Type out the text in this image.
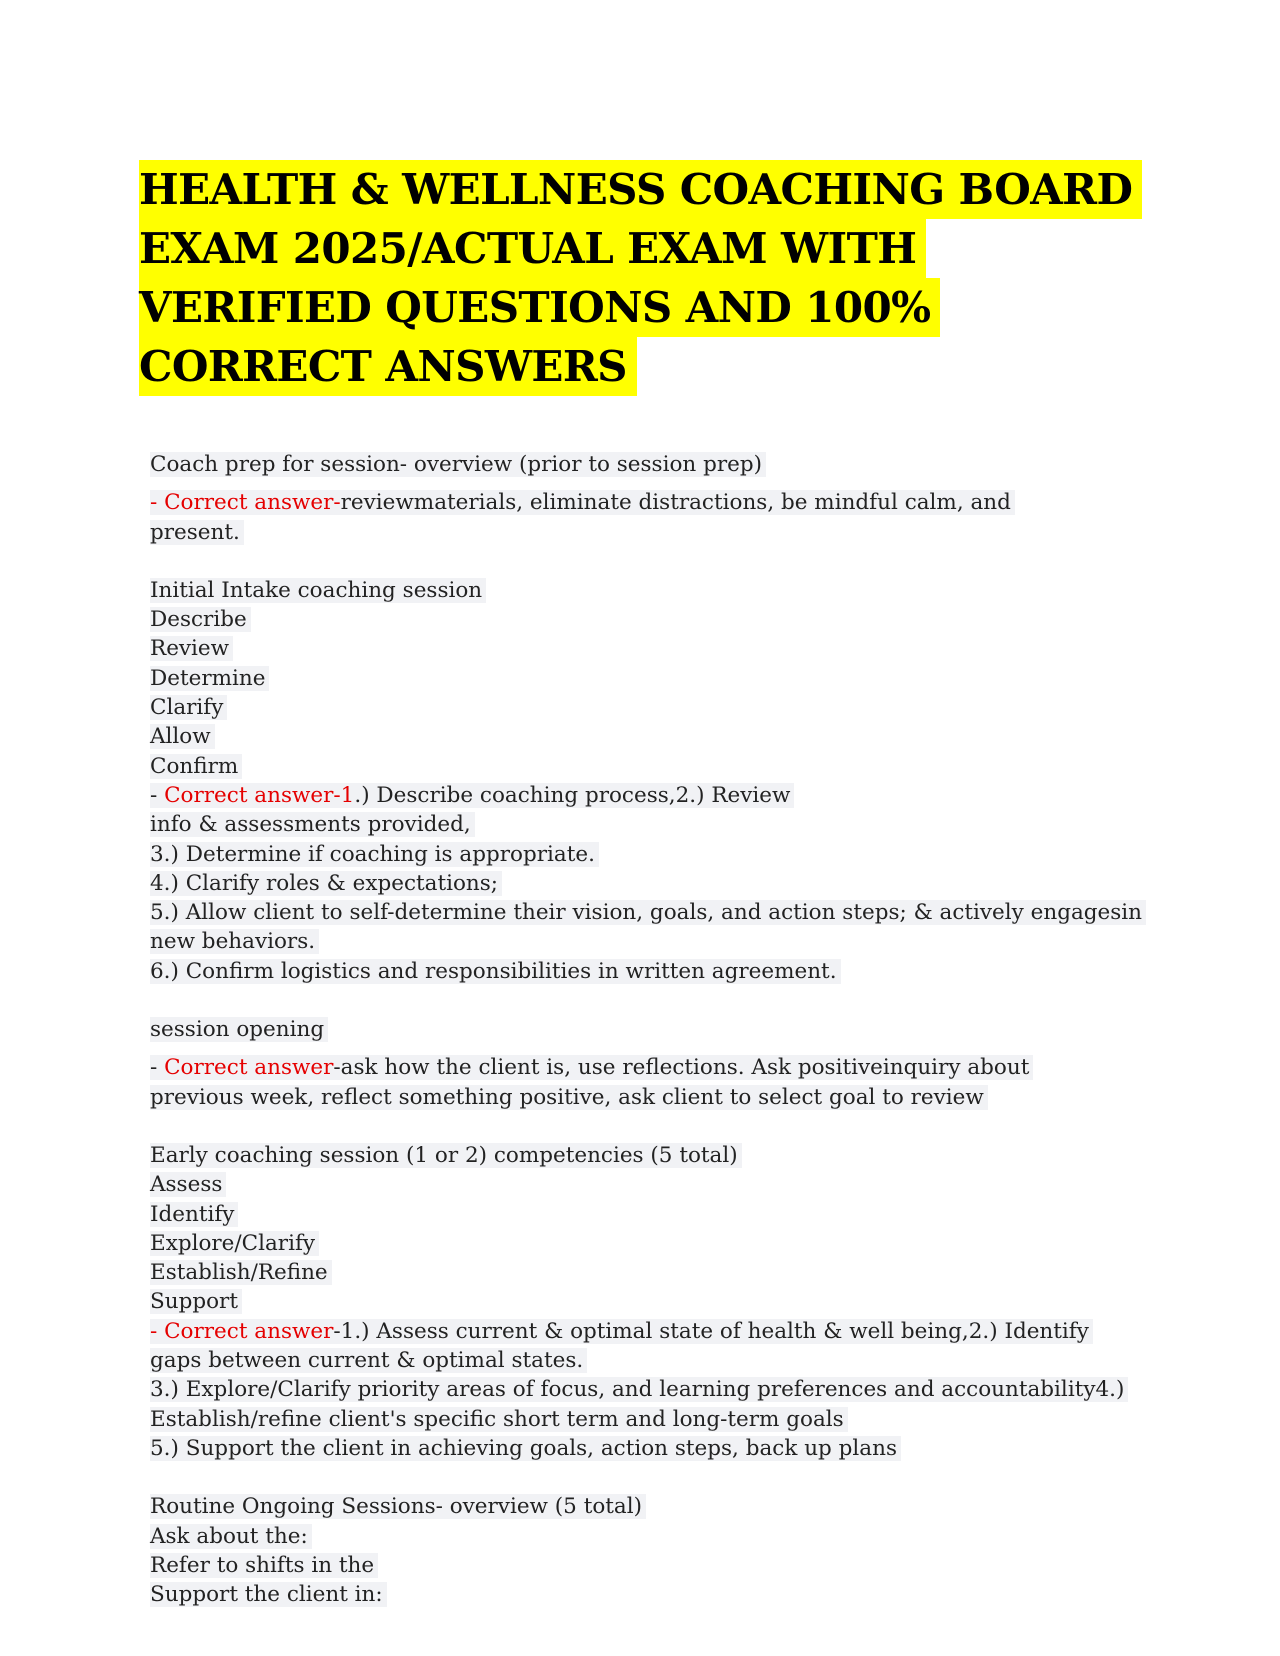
HEALTH & WELLNESS COACHING BOARD
EXAM 2025/ACTUAL EXAM WITH
VERIFIED QUESTIONS AND 100%
CORRECT ANSWERS
Coach prep for session- overview (prior to session prep)
- Correct answer-reviewmaterials, eliminate distractions, be mindful calm, and
present.
Initial Intake coaching session
Describe
Review
Determine
Clarify
Allow
Confirm
- Correct answer-1.) Describe coaching process,2.) Review
info & assessments provided,
3.) Determine if coaching is appropriate.
4.) Clarify roles & expectations;
5.) Allow client to self-determine their vision, goals, and action steps; & actively engagesin
new behaviors.
6.) Confirm logistics and responsibilities in written agreement.
session opening
- Correct answer-ask how the client is, use reflections. Ask positiveinquiry about
previous week, reflect something positive, ask client to select goal to review
Early coaching session (1 or 2) competencies (5 total)
Assess
Identify
Explore/Clarify
Establish/Refine
Support
- Correct answer-1.) Assess current & optimal state of health & well being,2.) Identify
gaps between current & optimal states.
3.) Explore/Clarify priority areas of focus, and learning preferences and accountability4.)
Establish/refine client's specific short term and long-term goals
5.) Support the client in achieving goals, action steps, back up plans
Routine Ongoing Sessions- overview (5 total)
Ask about the:
Refer to shifts in the
Support the client in:
